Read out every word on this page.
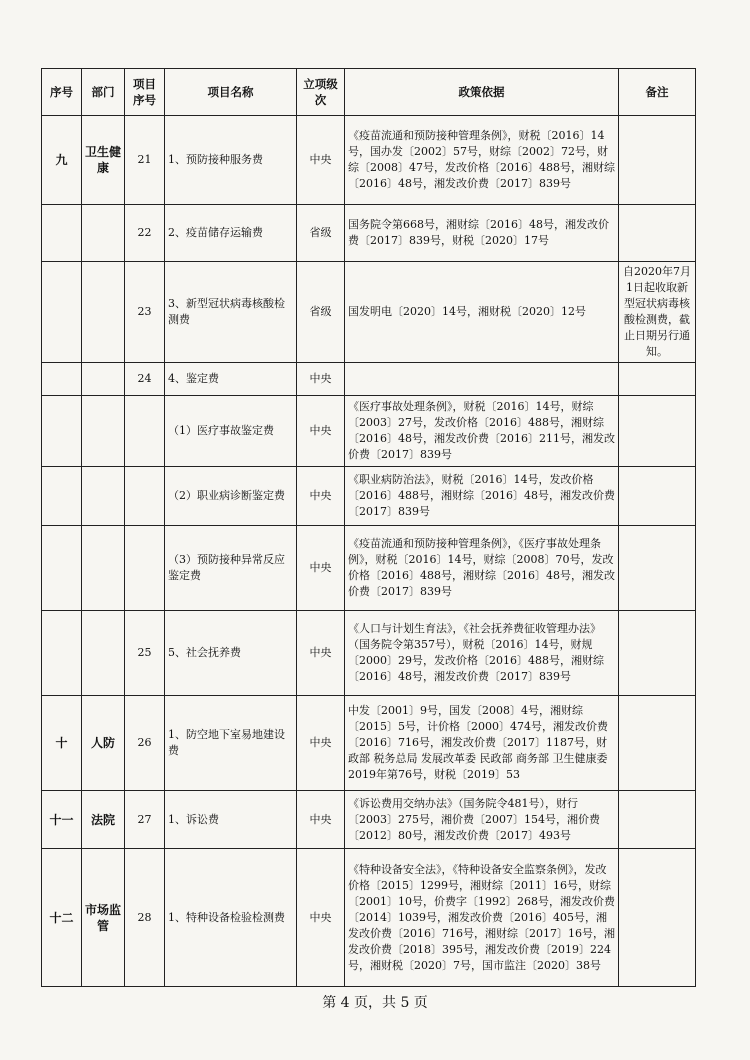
序号	部门	项目序号	项目名称	立项级次	政策依据	备注
九	卫生健康	21	1、预防接种服务费	中央	《疫苗流通和预防接种管理条例》，财税〔2016〕14号，国办发〔2002〕57号，财综〔2002〕72号，财综〔2008〕47号，发改价格〔2016〕488号，湘财综〔2016〕48号，湘发改价费〔2017〕839号	
		22	2、疫苗储存运输费	省级	国务院令第668号，湘财综〔2016〕48号，湘发改价费〔2017〕839号，财税〔2020〕17号	
		23	3、新型冠状病毒核酸检测费	省级	国发明电〔2020〕14号，湘财税〔2020〕12号	自2020年7月1日起收取新型冠状病毒核酸检测费，截止日期另行通知。
		24	4、鉴定费	中央		
			（1）医疗事故鉴定费	中央	《医疗事故处理条例》，财税〔2016〕14号，财综〔2003〕27号，发改价格〔2016〕488号，湘财综〔2016〕48号，湘发改价费〔2016〕211号，湘发改价费〔2017〕839号	
			（2）职业病诊断鉴定费	中央	《职业病防治法》，财税〔2016〕14号，发改价格〔2016〕488号，湘财综〔2016〕48号，湘发改价费〔2017〕839号	
			（3）预防接种异常反应鉴定费	中央	《疫苗流通和预防接种管理条例》，《医疗事故处理条例》，财税〔2016〕14号，财综〔2008〕70号，发改价格〔2016〕488号，湘财综〔2016〕48号，湘发改价费〔2017〕839号	
		25	5、社会抚养费	中央	《人口与计划生育法》，《社会抚养费征收管理办法》（国务院令第357号），财税〔2016〕14号，财规〔2000〕29号，发改价格〔2016〕488号，湘财综〔2016〕48号，湘发改价费〔2017〕839号	
十	人防	26	1、防空地下室易地建设费	中央	中发〔2001〕9号，国发〔2008〕4号，湘财综〔2015〕5号，计价格〔2000〕474号，湘发改价费〔2016〕716号，湘发改价费〔2017〕1187号，财政部 税务总局 发展改革委 民政部 商务部 卫生健康委 2019年第76号，财税〔2019〕53	
十一	法院	27	1、诉讼费	中央	《诉讼费用交纳办法》（国务院令481号），财行〔2003〕275号，湘价费〔2007〕154号，湘价费〔2012〕80号，湘发改价费〔2017〕493号	
十二	市场监管	28	1、特种设备检验检测费	中央	《特种设备安全法》，《特种设备安全监察条例》，发改价格〔2015〕1299号，湘财综〔2011〕16号，财综〔2001〕10号，价费字〔1992〕268号，湘发改价费〔2014〕1039号，湘发改价费〔2016〕405号，湘发改价费〔2016〕716号，湘财综〔2017〕16号，湘发改价费〔2018〕395号，湘发改价费〔2019〕224号，湘财税〔2020〕7号，国市监注〔2020〕38号	
第 4 页，共 5 页
